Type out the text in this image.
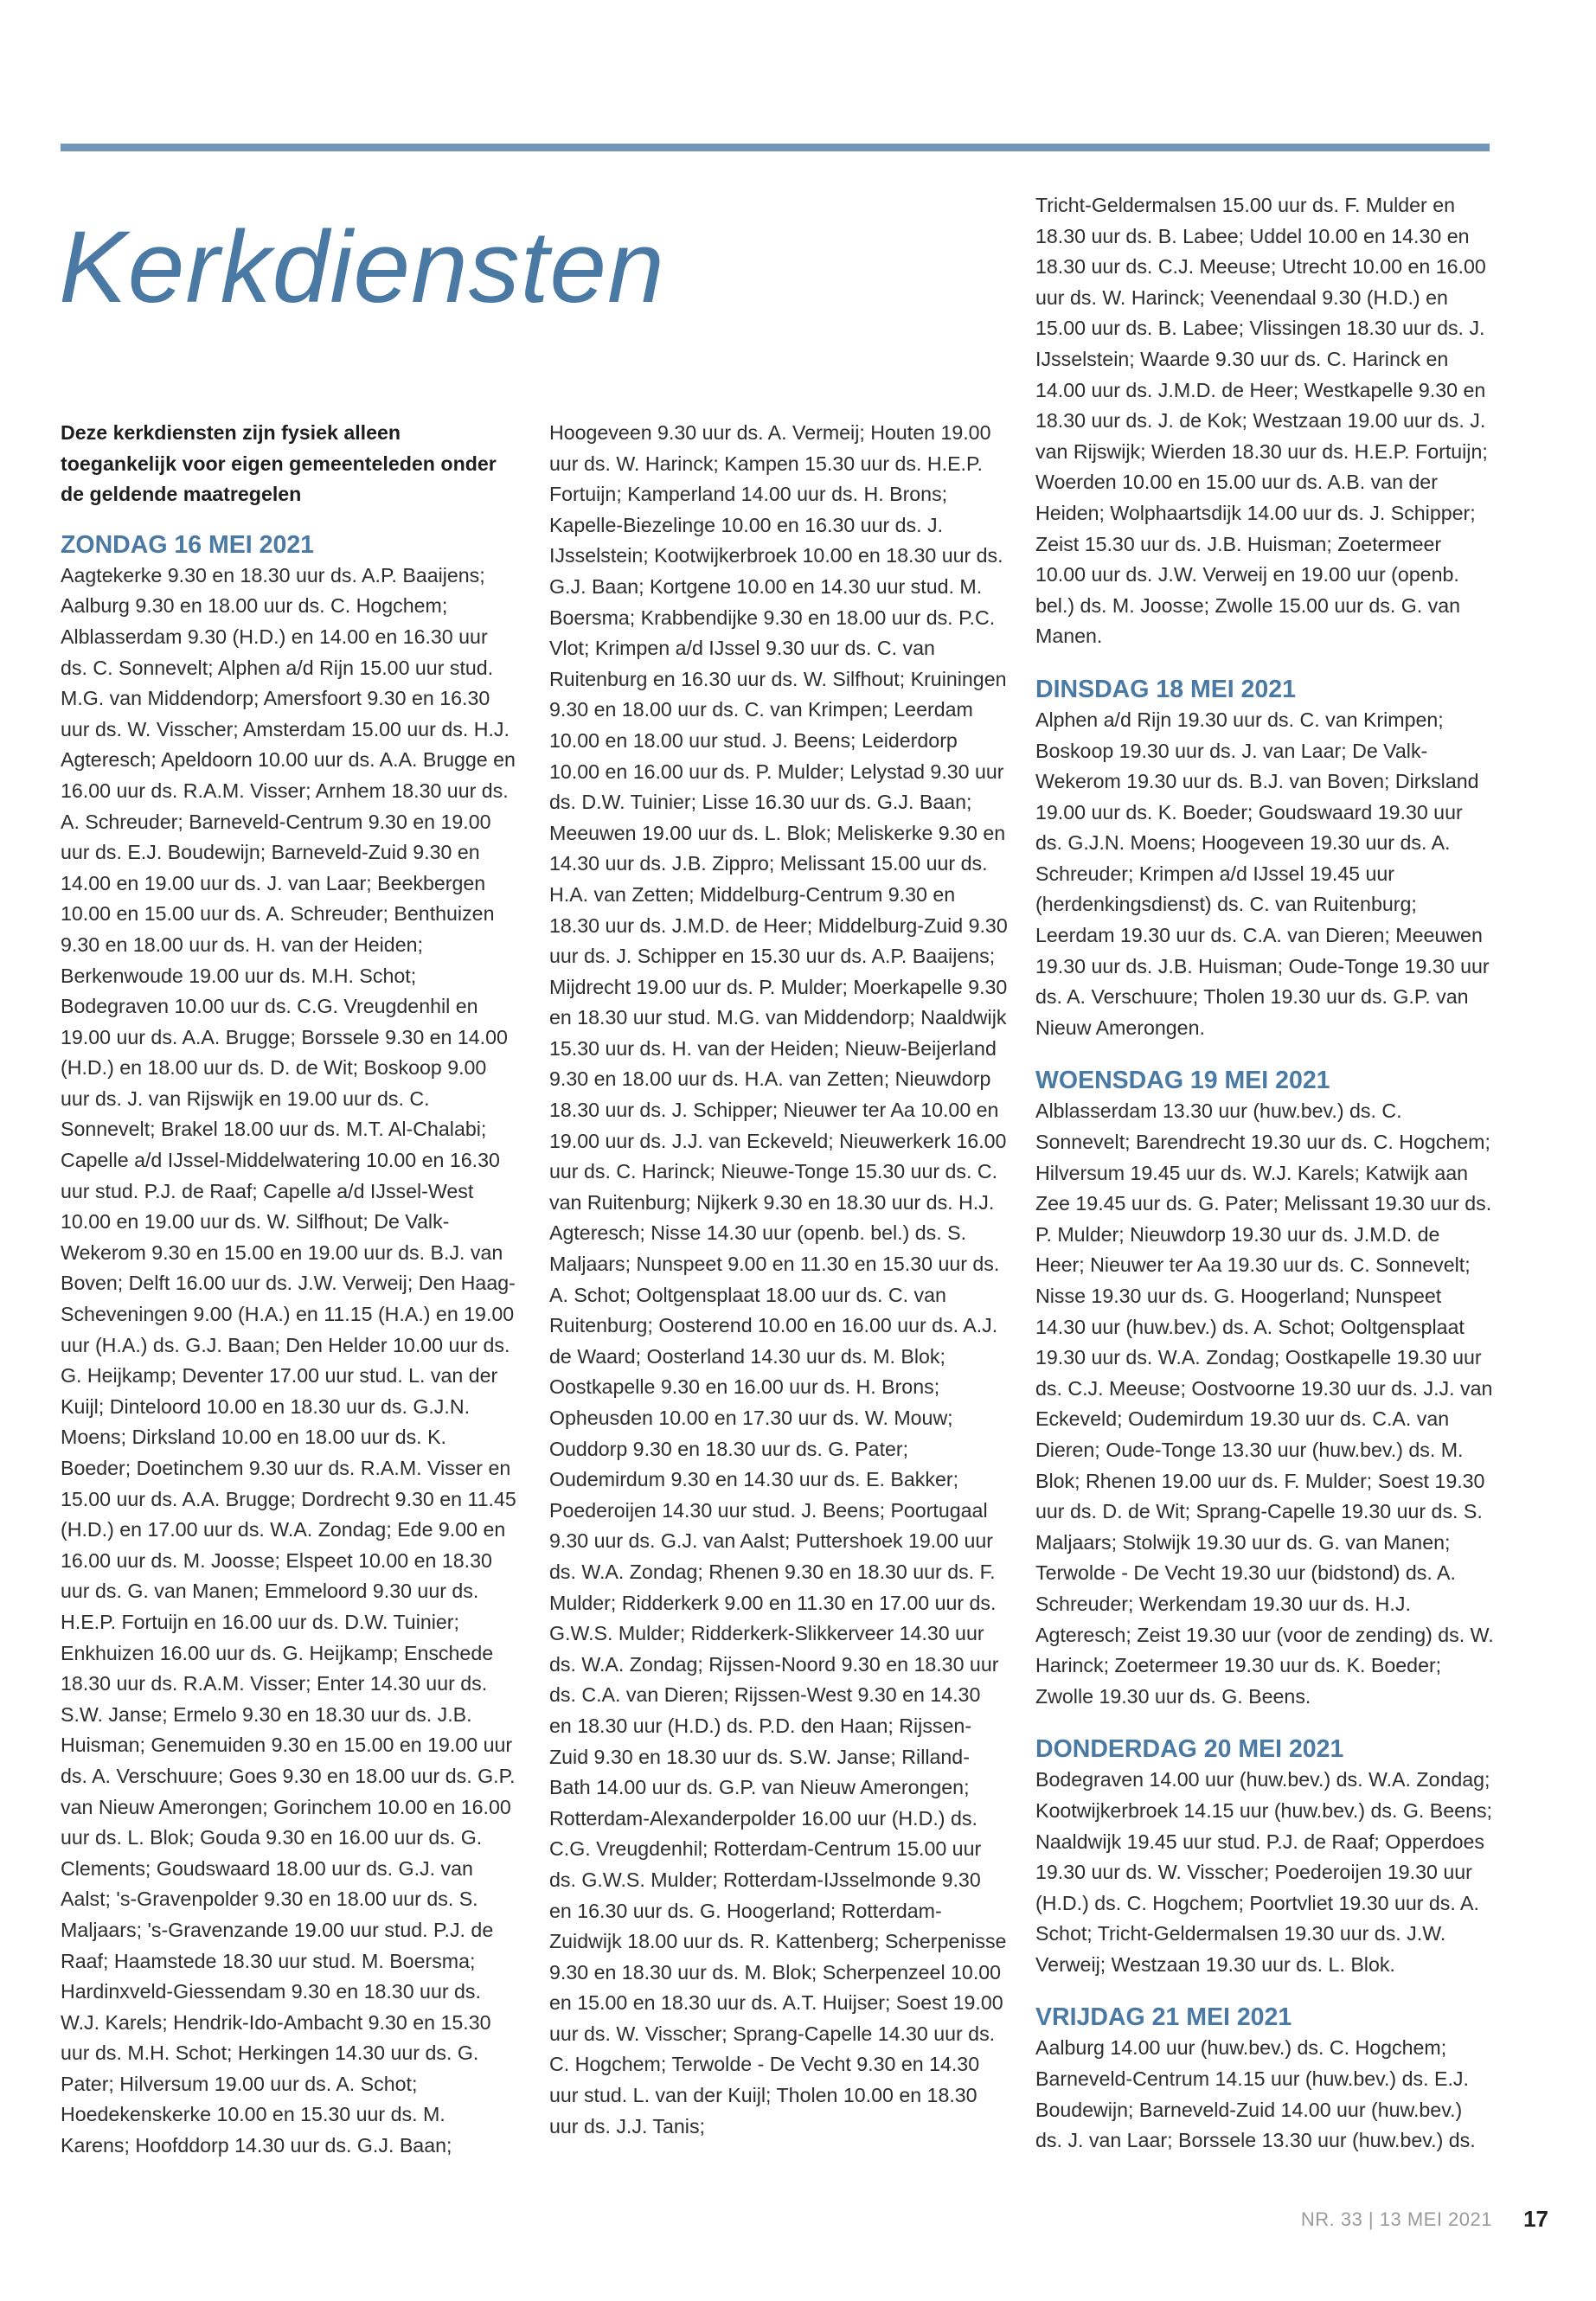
Kerkdiensten

Deze kerkdiensten zijn fysiek alleen toegankelijk voor eigen gemeenteleden onder de geldende maatregelen

ZONDAG 16 MEI 2021

Aagtekerke 9.30 en 18.30 uur ds. A.P. Baaijens; Aalburg 9.30 en 18.00 uur ds. C. Hogchem; Alblasserdam 9.30 (H.D.) en 14.00 en 16.30 uur ds. C. Sonnevelt; Alphen a/d Rijn 15.00 uur stud. M.G. van Middendorp; Amersfoort 9.30 en 16.30 uur ds. W. Visscher; Amsterdam 15.00 uur ds. H.J. Agteresch; Apeldoorn 10.00 uur ds. A.A. Brugge en 16.00 uur ds. R.A.M. Visser; Arnhem 18.30 uur ds. A. Schreuder; Barneveld-Centrum 9.30 en 19.00 uur ds. E.J. Boudewijn; Barneveld-Zuid 9.30 en 14.00 en 19.00 uur ds. J. van Laar; Beekbergen 10.00 en 15.00 uur ds. A. Schreuder; Benthuizen 9.30 en 18.00 uur ds. H. van der Heiden; Berkenwoude 19.00 uur ds. M.H. Schot; Bodegraven 10.00 uur ds. C.G. Vreugdenhil en 19.00 uur ds. A.A. Brugge; Borssele 9.30 en 14.00 (H.D.) en 18.00 uur ds. D. de Wit; Boskoop 9.00 uur ds. J. van Rijswijk en 19.00 uur ds. C. Sonnevelt; Brakel 18.00 uur ds. M.T. Al-Chalabi; Capelle a/d IJssel-Middelwatering 10.00 en 16.30 uur stud. P.J. de Raaf; Capelle a/d IJssel-West 10.00 en 19.00 uur ds. W. Silfhout; De Valk-Wekerom 9.30 en 15.00 en 19.00 uur ds. B.J. van Boven; Delft 16.00 uur ds. J.W. Verweij; Den Haag-Scheveningen 9.00 (H.A.) en 11.15 (H.A.) en 19.00 uur (H.A.) ds. G.J. Baan; Den Helder 10.00 uur ds. G. Heijkamp; Deventer 17.00 uur stud. L. van der Kuijl; Dinteloord 10.00 en 18.30 uur ds. G.J.N. Moens; Dirksland 10.00 en 18.00 uur ds. K. Boeder; Doetinchem 9.30 uur ds. R.A.M. Visser en 15.00 uur ds. A.A. Brugge; Dordrecht 9.30 en 11.45 (H.D.) en 17.00 uur ds. W.A. Zondag; Ede 9.00 en 16.00 uur ds. M. Joosse; Elspeet 10.00 en 18.30 uur ds. G. van Manen; Emmeloord 9.30 uur ds. H.E.P. Fortuijn en 16.00 uur ds. D.W. Tuinier; Enkhuizen 16.00 uur ds. G. Heijkamp; Enschede 18.30 uur ds. R.A.M. Visser; Enter 14.30 uur ds. S.W. Janse; Ermelo 9.30 en 18.30 uur ds. J.B. Huisman; Genemuiden 9.30 en 15.00 en 19.00 uur ds. A. Verschuure; Goes 9.30 en 18.00 uur ds. G.P. van Nieuw Amerongen; Gorinchem 10.00 en 16.00 uur ds. L. Blok; Gouda 9.30 en 16.00 uur ds. G. Clements; Goudswaard 18.00 uur ds. G.J. van Aalst; 's-Gravenpolder 9.30 en 18.00 uur ds. S. Maljaars; 's-Gravenzande 19.00 uur stud. P.J. de Raaf; Haamstede 18.30 uur stud. M. Boersma; Hardinxveld-Giessendam 9.30 en 18.30 uur ds. W.J. Karels; Hendrik-Ido-Ambacht 9.30 en 15.30 uur ds. M.H. Schot; Herkingen 14.30 uur ds. G. Pater; Hilversum 19.00 uur ds. A. Schot; Hoedekenskerke 10.00 en 15.30 uur ds. M. Karens; Hoofddorp 14.30 uur ds. G.J. Baan;

Hoogeveen 9.30 uur ds. A. Vermeij; Houten 19.00 uur ds. W. Harinck; Kampen 15.30 uur ds. H.E.P. Fortuijn; Kamperland 14.00 uur ds. H. Brons; Kapelle-Biezelinge 10.00 en 16.30 uur ds. J. IJsselstein; Kootwijkerbroek 10.00 en 18.30 uur ds. G.J. Baan; Kortgene 10.00 en 14.30 uur stud. M. Boersma; Krabbendijke 9.30 en 18.00 uur ds. P.C. Vlot; Krimpen a/d IJssel 9.30 uur ds. C. van Ruitenburg en 16.30 uur ds. W. Silfhout; Kruiningen 9.30 en 18.00 uur ds. C. van Krimpen; Leerdam 10.00 en 18.00 uur stud. J. Beens; Leiderdorp 10.00 en 16.00 uur ds. P. Mulder; Lelystad 9.30 uur ds. D.W. Tuinier; Lisse 16.30 uur ds. G.J. Baan; Meeuwen 19.00 uur ds. L. Blok; Meliskerke 9.30 en 14.30 uur ds. J.B. Zippro; Melissant 15.00 uur ds. H.A. van Zetten; Middelburg-Centrum 9.30 en 18.30 uur ds. J.M.D. de Heer; Middelburg-Zuid 9.30 uur ds. J. Schipper en 15.30 uur ds. A.P. Baaijens; Mijdrecht 19.00 uur ds. P. Mulder; Moerkapelle 9.30 en 18.30 uur stud. M.G. van Middendorp; Naaldwijk 15.30 uur ds. H. van der Heiden; Nieuw-Beijerland 9.30 en 18.00 uur ds. H.A. van Zetten; Nieuwdorp 18.30 uur ds. J. Schipper; Nieuwer ter Aa 10.00 en 19.00 uur ds. J.J. van Eckeveld; Nieuwerkerk 16.00 uur ds. C. Harinck; Nieuwe-Tonge 15.30 uur ds. C. van Ruitenburg; Nijkerk 9.30 en 18.30 uur ds. H.J. Agteresch; Nisse 14.30 uur (openb. bel.) ds. S. Maljaars; Nunspeet 9.00 en 11.30 en 15.30 uur ds. A. Schot; Ooltgensplaat 18.00 uur ds. C. van Ruitenburg; Oosterend 10.00 en 16.00 uur ds. A.J. de Waard; Oosterland 14.30 uur ds. M. Blok; Oostkapelle 9.30 en 16.00 uur ds. H. Brons; Opheusden 10.00 en 17.30 uur ds. W. Mouw; Ouddorp 9.30 en 18.30 uur ds. G. Pater; Oudemirdum 9.30 en 14.30 uur ds. E. Bakker; Poederoijen 14.30 uur stud. J. Beens; Poortugaal 9.30 uur ds. G.J. van Aalst; Puttershoek 19.00 uur ds. W.A. Zondag; Rhenen 9.30 en 18.30 uur ds. F. Mulder; Ridderkerk 9.00 en 11.30 en 17.00 uur ds. G.W.S. Mulder; Ridderkerk-Slikkerveer 14.30 uur ds. W.A. Zondag; Rijssen-Noord 9.30 en 18.30 uur ds. C.A. van Dieren; Rijssen-West 9.30 en 14.30 en 18.30 uur (H.D.) ds. P.D. den Haan; Rijssen-Zuid 9.30 en 18.30 uur ds. S.W. Janse; Rilland-Bath 14.00 uur ds. G.P. van Nieuw Amerongen; Rotterdam-Alexanderpolder 16.00 uur (H.D.) ds. C.G. Vreugdenhil; Rotterdam-Centrum 15.00 uur ds. G.W.S. Mulder; Rotterdam-IJsselmonde 9.30 en 16.30 uur ds. G. Hoogerland; Rotterdam-Zuidwijk 18.00 uur ds. R. Kattenberg; Scherpenisse 9.30 en 18.30 uur ds. M. Blok; Scherpenzeel 10.00 en 15.00 en 18.30 uur ds. A.T. Huijser; Soest 19.00 uur ds. W. Visscher; Sprang-Capelle 14.30 uur ds. C. Hogchem; Terwolde - De Vecht 9.30 en 14.30 uur stud. L. van der Kuijl; Tholen 10.00 en 18.30 uur ds. J.J. Tanis;

Tricht-Geldermalsen 15.00 uur ds. F. Mulder en 18.30 uur ds. B. Labee; Uddel 10.00 en 14.30 en 18.30 uur ds. C.J. Meeuse; Utrecht 10.00 en 16.00 uur ds. W. Harinck; Veenendaal 9.30 (H.D.) en 15.00 uur ds. B. Labee; Vlissingen 18.30 uur ds. J. IJsselstein; Waarde 9.30 uur ds. C. Harinck en 14.00 uur ds. J.M.D. de Heer; Westkapelle 9.30 en 18.30 uur ds. J. de Kok; Westzaan 19.00 uur ds. J. van Rijswijk; Wierden 18.30 uur ds. H.E.P. Fortuijn; Woerden 10.00 en 15.00 uur ds. A.B. van der Heiden; Wolphaartsdijk 14.00 uur ds. J. Schipper; Zeist 15.30 uur ds. J.B. Huisman; Zoetermeer 10.00 uur ds. J.W. Verweij en 19.00 uur (openb. bel.) ds. M. Joosse; Zwolle 15.00 uur ds. G. van Manen.

DINSDAG 18 MEI 2021

Alphen a/d Rijn 19.30 uur ds. C. van Krimpen; Boskoop 19.30 uur ds. J. van Laar; De Valk-Wekerom 19.30 uur ds. B.J. van Boven; Dirksland 19.00 uur ds. K. Boeder; Goudswaard 19.30 uur ds. G.J.N. Moens; Hoogeveen 19.30 uur ds. A. Schreuder; Krimpen a/d IJssel 19.45 uur (herdenkingsdienst) ds. C. van Ruitenburg; Leerdam 19.30 uur ds. C.A. van Dieren; Meeuwen 19.30 uur ds. J.B. Huisman; Oude-Tonge 19.30 uur ds. A. Verschuure; Tholen 19.30 uur ds. G.P. van Nieuw Amerongen.

WOENSDAG 19 MEI 2021

Alblasserdam 13.30 uur (huw.bev.) ds. C. Sonnevelt; Barendrecht 19.30 uur ds. C. Hogchem; Hilversum 19.45 uur ds. W.J. Karels; Katwijk aan Zee 19.45 uur ds. G. Pater; Melissant 19.30 uur ds. P. Mulder; Nieuwdorp 19.30 uur ds. J.M.D. de Heer; Nieuwer ter Aa 19.30 uur ds. C. Sonnevelt; Nisse 19.30 uur ds. G. Hoogerland; Nunspeet 14.30 uur (huw.bev.) ds. A. Schot; Ooltgensplaat 19.30 uur ds. W.A. Zondag; Oostkapelle 19.30 uur ds. C.J. Meeuse; Oostvoorne 19.30 uur ds. J.J. van Eckeveld; Oudemirdum 19.30 uur ds. C.A. van Dieren; Oude-Tonge 13.30 uur (huw.bev.) ds. M. Blok; Rhenen 19.00 uur ds. F. Mulder; Soest 19.30 uur ds. D. de Wit; Sprang-Capelle 19.30 uur ds. S. Maljaars; Stolwijk 19.30 uur ds. G. van Manen; Terwolde - De Vecht 19.30 uur (bidstond) ds. A. Schreuder; Werkendam 19.30 uur ds. H.J. Agteresch; Zeist 19.30 uur (voor de zending) ds. W. Harinck; Zoetermeer 19.30 uur ds. K. Boeder; Zwolle 19.30 uur ds. G. Beens.

DONDERDAG 20 MEI 2021

Bodegraven 14.00 uur (huw.bev.) ds. W.A. Zondag; Kootwijkerbroek 14.15 uur (huw.bev.) ds. G. Beens; Naaldwijk 19.45 uur stud. P.J. de Raaf; Opperdoes 19.30 uur ds. W. Visscher; Poederoijen 19.30 uur (H.D.) ds. C. Hogchem; Poortvliet 19.30 uur ds. A. Schot; Tricht-Geldermalsen 19.30 uur ds. J.W. Verweij; Westzaan 19.30 uur ds. L. Blok.

VRIJDAG 21 MEI 2021

Aalburg 14.00 uur (huw.bev.) ds. C. Hogchem; Barneveld-Centrum 14.15 uur (huw.bev.) ds. E.J. Boudewijn; Barneveld-Zuid 14.00 uur (huw.bev.) ds. J. van Laar; Borssele 13.30 uur (huw.bev.) ds.

NR. 33 | 13 MEI 2021 17
